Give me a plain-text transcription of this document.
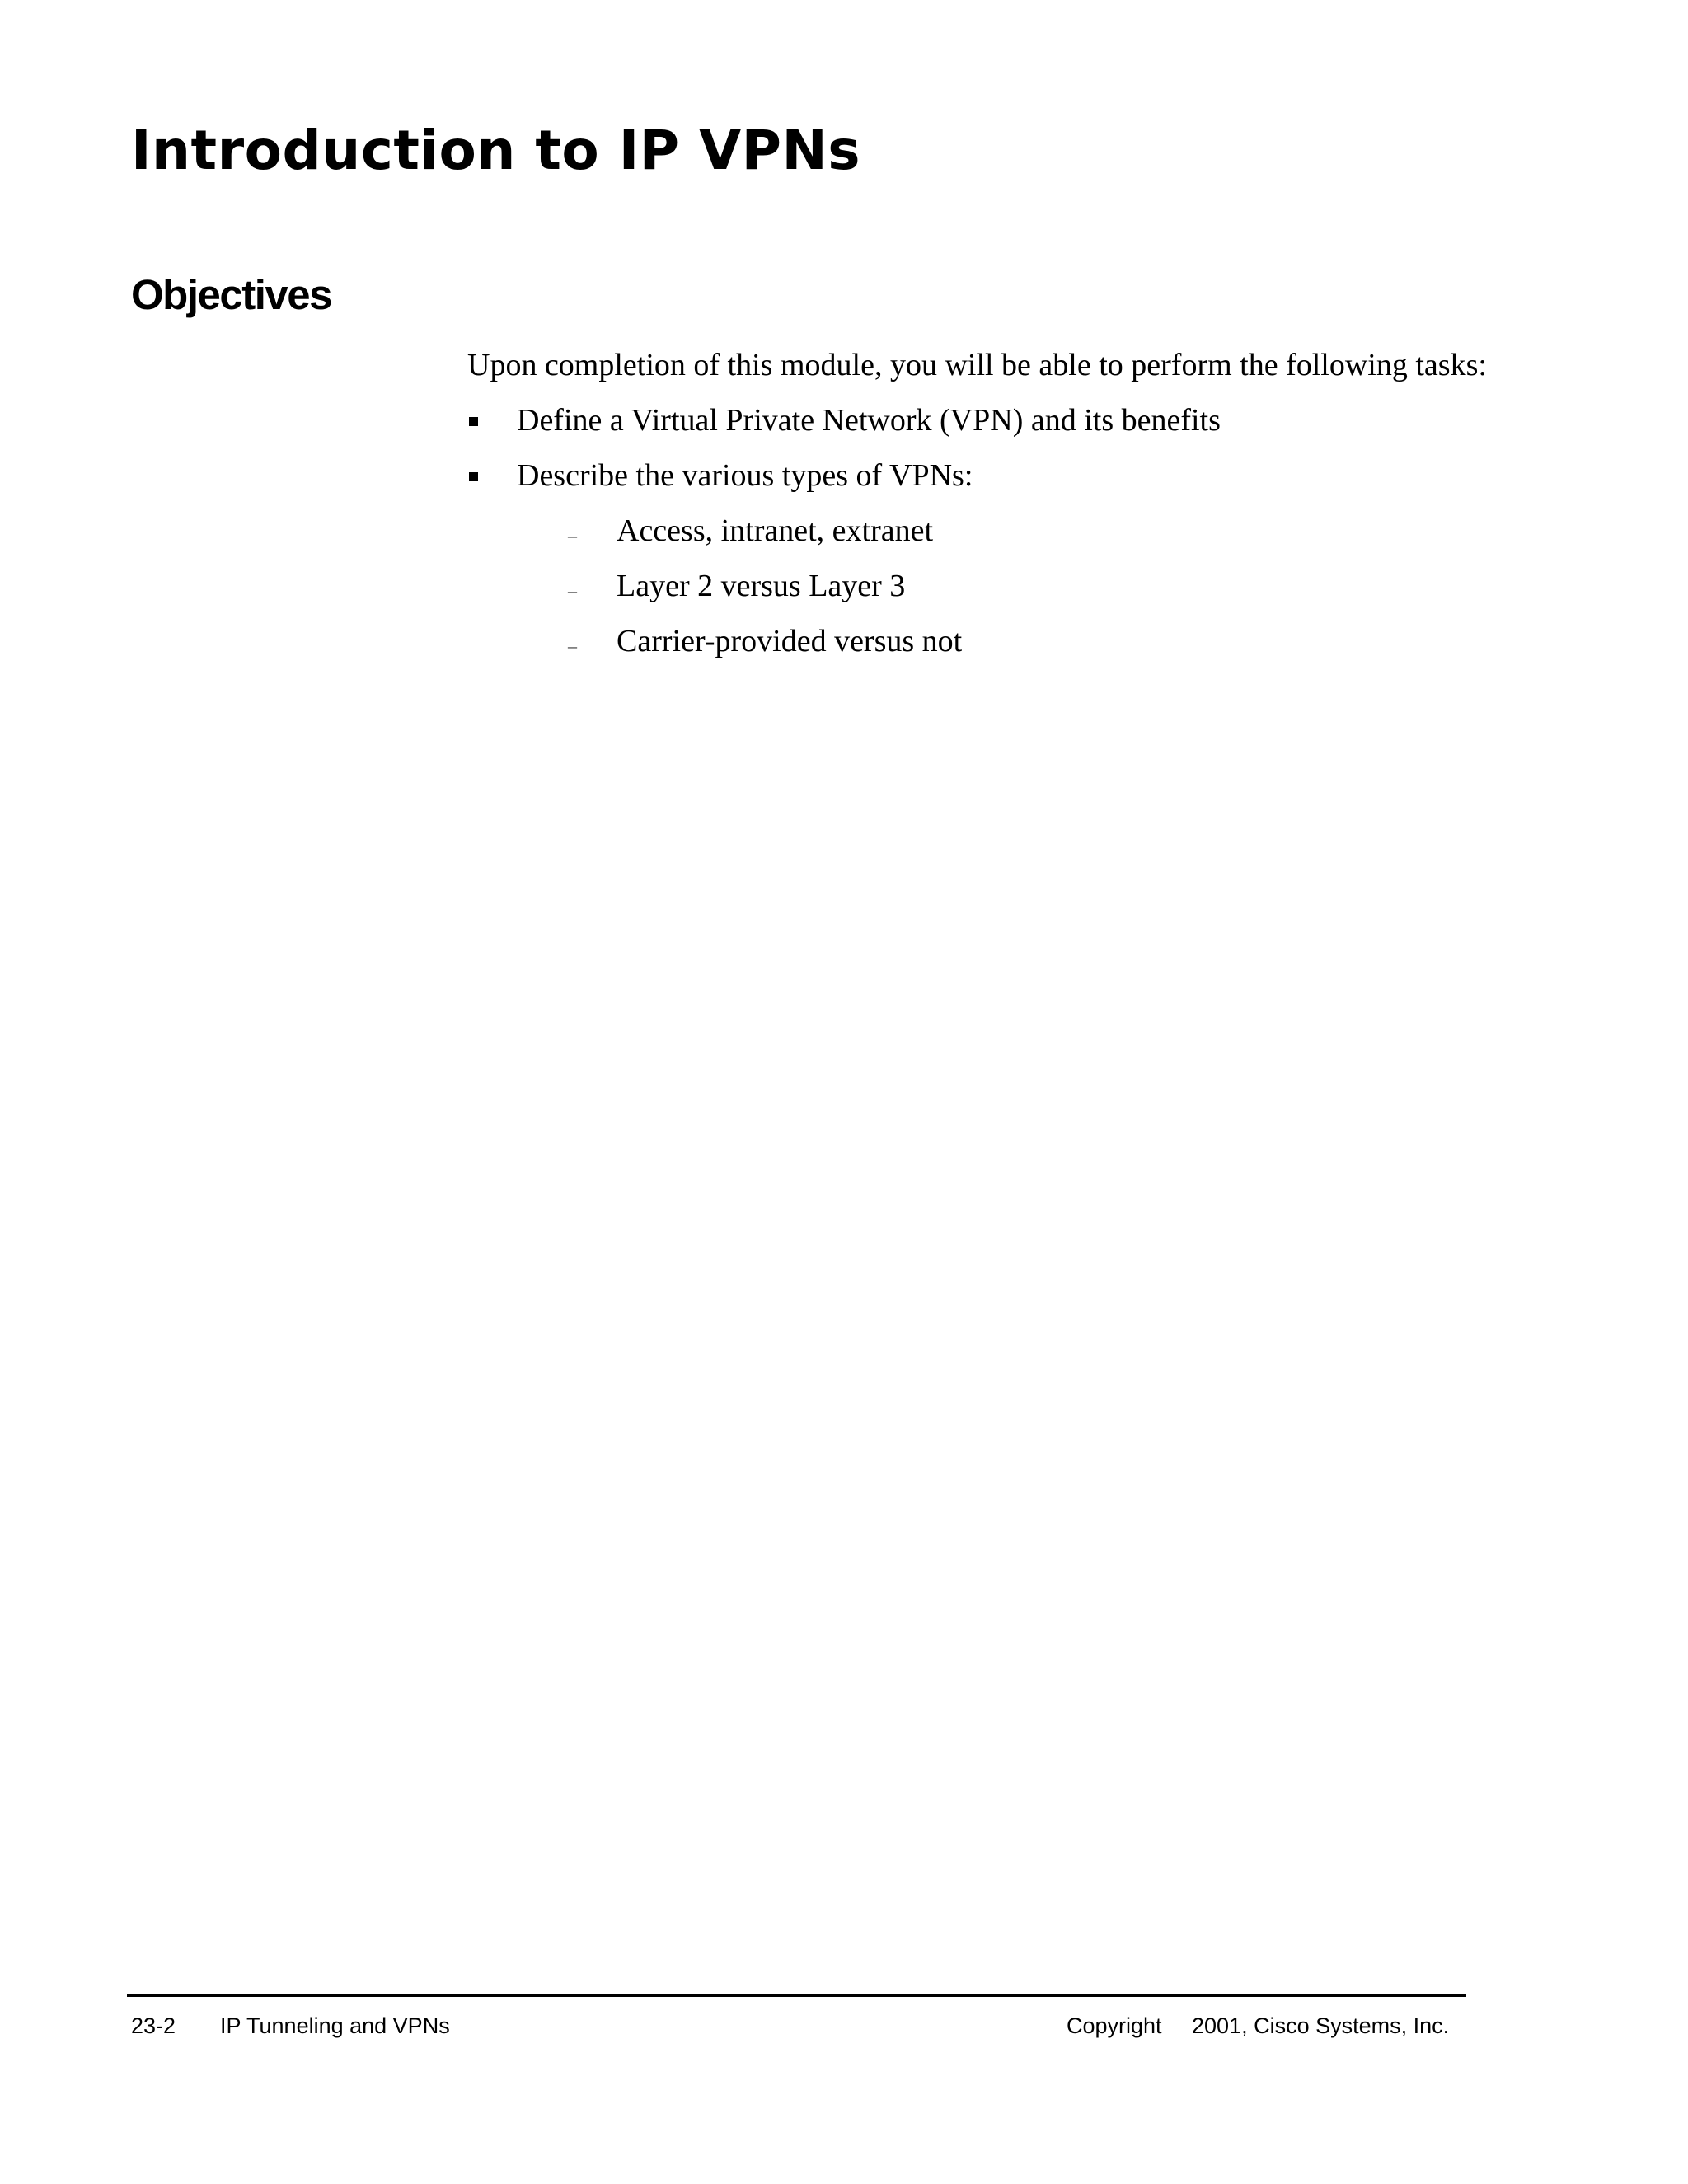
Introduction to IP VPNs
Objectives

Upon completion of this module, you will be able to perform the following tasks:

Define a Virtual Private Network (VPN) and its benefits
Describe the various types of VPNs:
– Access, intranet, extranet
– Layer 2 versus Layer 3
– Carrier-provided versus not
23-2 IP Tunneling and VPNs	Copyright 2001, Cisco Systems, Inc.
